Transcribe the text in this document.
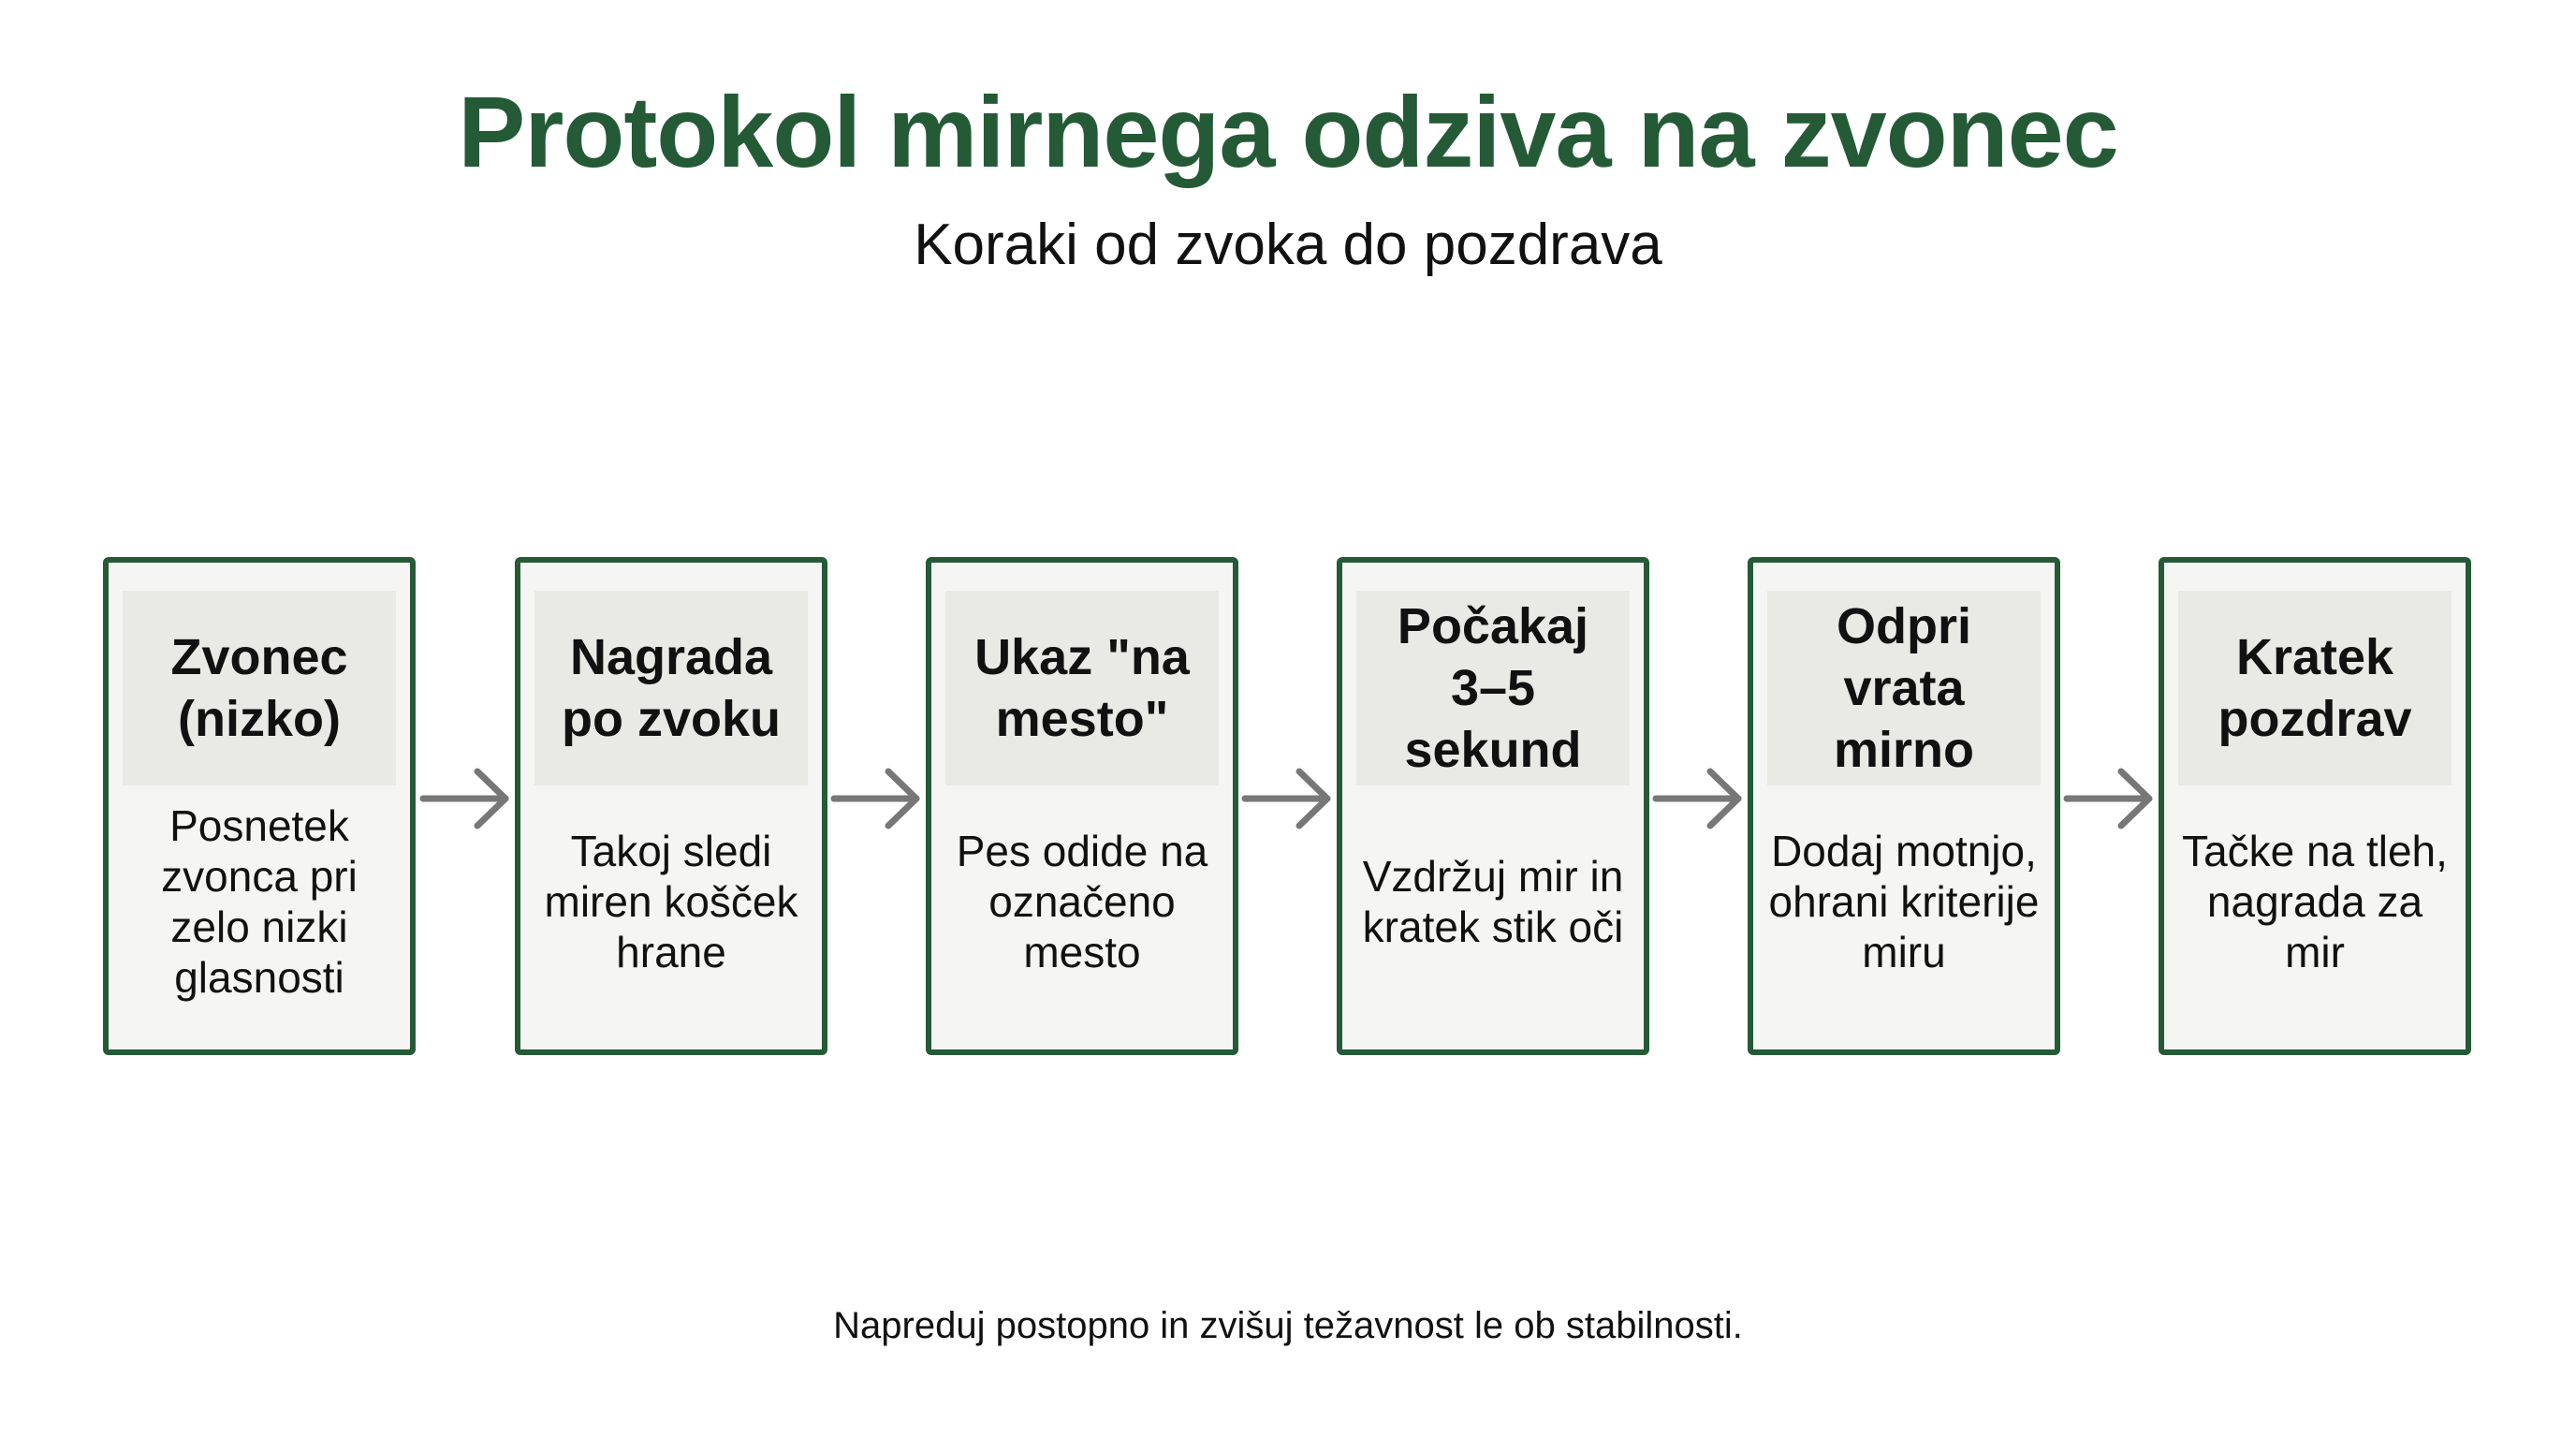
Protokol mirnega odziva na zvonec
Koraki od zvoka do pozdrava
Zvonec (nizko)
Posnetek zvonca pri zelo nizki glasnosti
Nagrada po zvoku
Takoj sledi miren košček hrane
Ukaz "na mesto"
Pes odide na označeno mesto
Počakaj 3–5 sekund
Vzdržuj mir in kratek stik oči
Odpri vrata mirno
Dodaj motnjo, ohrani kriterije miru
Kratek pozdrav
Tačke na tleh, nagrada za mir
Napreduj postopno in zvišuj težavnost le ob stabilnosti.
